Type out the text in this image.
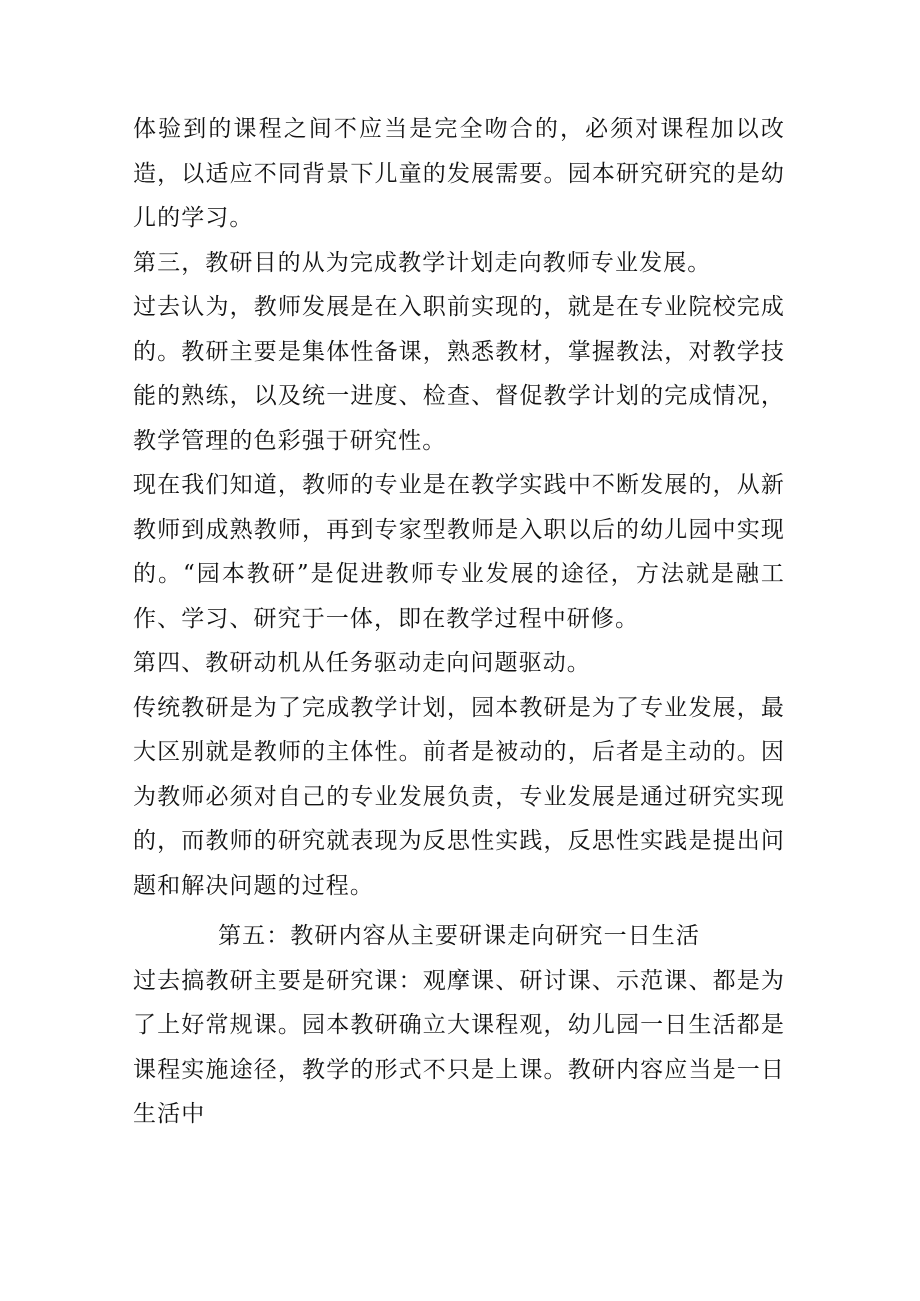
体验到的课程之间不应当是完全吻合的，必须对课程加以改造，以适应不同背景下儿童的发展需要。园本研究研究的是幼儿的学习。

第三，教研目的从为完成教学计划走向教师专业发展。

过去认为，教师发展是在入职前实现的，就是在专业院校完成的。教研主要是集体性备课，熟悉教材，掌握教法，对教学技能的熟练，以及统一进度、检查、督促教学计划的完成情况，教学管理的色彩强于研究性。

现在我们知道，教师的专业是在教学实践中不断发展的，从新教师到成熟教师，再到专家型教师是入职以后的幼儿园中实现的。“园本教研”是促进教师专业发展的途径，方法就是融工作、学习、研究于一体，即在教学过程中研修。

第四、教研动机从任务驱动走向问题驱动。

传统教研是为了完成教学计划，园本教研是为了专业发展，最大区别就是教师的主体性。前者是被动的，后者是主动的。因为教师必须对自己的专业发展负责，专业发展是通过研究实现的，而教师的研究就表现为反思性实践，反思性实践是提出问题和解决问题的过程。

第五：教研内容从主要研课走向研究一日生活

过去搞教研主要是研究课：观摩课、研讨课、示范课、都是为了上好常规课。园本教研确立大课程观，幼儿园一日生活都是课程实施途径，教学的形式不只是上课。教研内容应当是一日生活中
